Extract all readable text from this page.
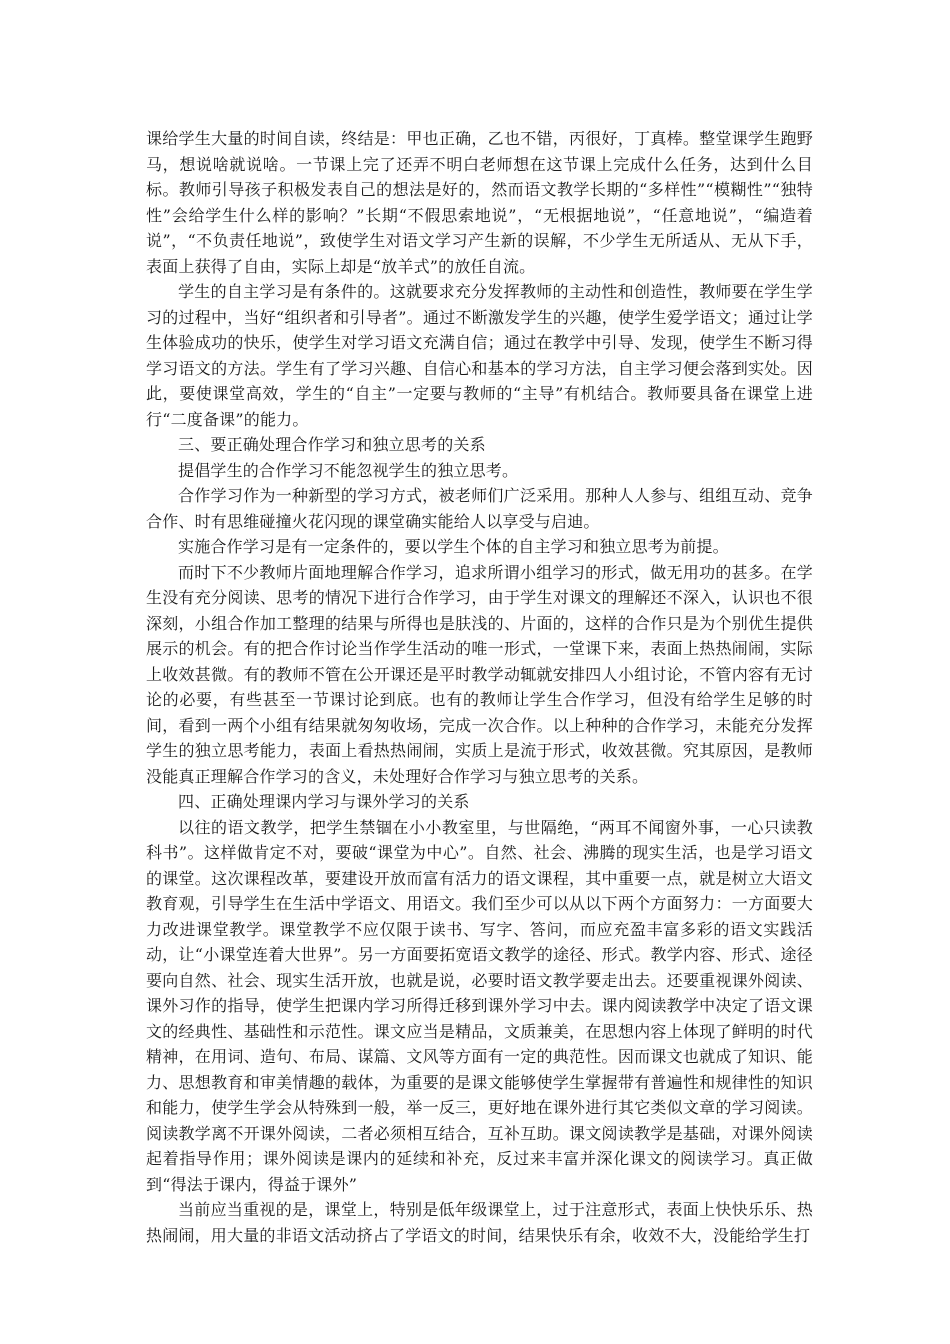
课给学生大量的时间自读，终结是：甲也正确，乙也不错，丙很好，丁真棒。整堂课学生跑野马，想说啥就说啥。一节课上完了还弄不明白老师想在这节课上完成什么任务，达到什么目标。教师引导孩子积极发表自己的想法是好的，然而语文教学长期的“多样性”“模糊性”“独特性”会给学生什么样的影响？”长期“不假思索地说”，“无根据地说”，“任意地说”，“编造着说”，“不负责任地说”，致使学生对语文学习产生新的误解，不少学生无所适从、无从下手，表面上获得了自由，实际上却是“放羊式”的放任自流。

学生的自主学习是有条件的。这就要求充分发挥教师的主动性和创造性，教师要在学生学习的过程中，当好“组织者和引导者”。通过不断激发学生的兴趣，使学生爱学语文；通过让学生体验成功的快乐，使学生对学习语文充满自信；通过在教学中引导、发现，使学生不断习得学习语文的方法。学生有了学习兴趣、自信心和基本的学习方法，自主学习便会落到实处。因此，要使课堂高效，学生的“自主”一定要与教师的“主导”有机结合。教师要具备在课堂上进行“二度备课”的能力。

三、要正确处理合作学习和独立思考的关系

提倡学生的合作学习不能忽视学生的独立思考。

合作学习作为一种新型的学习方式，被老师们广泛采用。那种人人参与、组组互动、竞争合作、时有思维碰撞火花闪现的课堂确实能给人以享受与启迪。

实施合作学习是有一定条件的，要以学生个体的自主学习和独立思考为前提。

而时下不少教师片面地理解合作学习，追求所谓小组学习的形式，做无用功的甚多。在学生没有充分阅读、思考的情况下进行合作学习，由于学生对课文的理解还不深入，认识也不很深刻，小组合作加工整理的结果与所得也是肤浅的、片面的，这样的合作只是为个别优生提供展示的机会。有的把合作讨论当作学生活动的唯一形式，一堂课下来，表面上热热闹闹，实际上收效甚微。有的教师不管在公开课还是平时教学动辄就安排四人小组讨论，不管内容有无讨论的必要，有些甚至一节课讨论到底。也有的教师让学生合作学习，但没有给学生足够的时间，看到一两个小组有结果就匆匆收场，完成一次合作。以上种种的合作学习，未能充分发挥学生的独立思考能力，表面上看热热闹闹，实质上是流于形式，收效甚微。究其原因，是教师没能真正理解合作学习的含义，未处理好合作学习与独立思考的关系。

四、正确处理课内学习与课外学习的关系

以往的语文教学，把学生禁锢在小小教室里，与世隔绝，“两耳不闻窗外事，一心只读教科书”。这样做肯定不对，要破“课堂为中心”。自然、社会、沸腾的现实生活，也是学习语文的课堂。这次课程改革，要建设开放而富有活力的语文课程，其中重要一点，就是树立大语文教育观，引导学生在生活中学语文、用语文。我们至少可以从以下两个方面努力：一方面要大力改进课堂教学。课堂教学不应仅限于读书、写字、答问，而应充盈丰富多彩的语文实践活动，让“小课堂连着大世界”。另一方面要拓宽语文教学的途径、形式。教学内容、形式、途径要向自然、社会、现实生活开放，也就是说，必要时语文教学要走出去。还要重视课外阅读、课外习作的指导，使学生把课内学习所得迁移到课外学习中去。课内阅读教学中决定了语文课文的经典性、基础性和示范性。课文应当是精品，文质兼美，在思想内容上体现了鲜明的时代精神，在用词、造句、布局、谋篇、文风等方面有一定的典范性。因而课文也就成了知识、能力、思想教育和审美情趣的载体，为重要的是课文能够使学生掌握带有普遍性和规律性的知识和能力，使学生学会从特殊到一般，举一反三，更好地在课外进行其它类似文章的学习阅读。阅读教学离不开课外阅读，二者必须相互结合，互补互助。课文阅读教学是基础，对课外阅读起着指导作用；课外阅读是课内的延续和补充，反过来丰富并深化课文的阅读学习。真正做到“得法于课内，得益于课外”

当前应当重视的是，课堂上，特别是低年级课堂上，过于注意形式，表面上快快乐乐、热热闹闹，用大量的非语文活动挤占了学语文的时间，结果快乐有余，收效不大，没能给学生打
